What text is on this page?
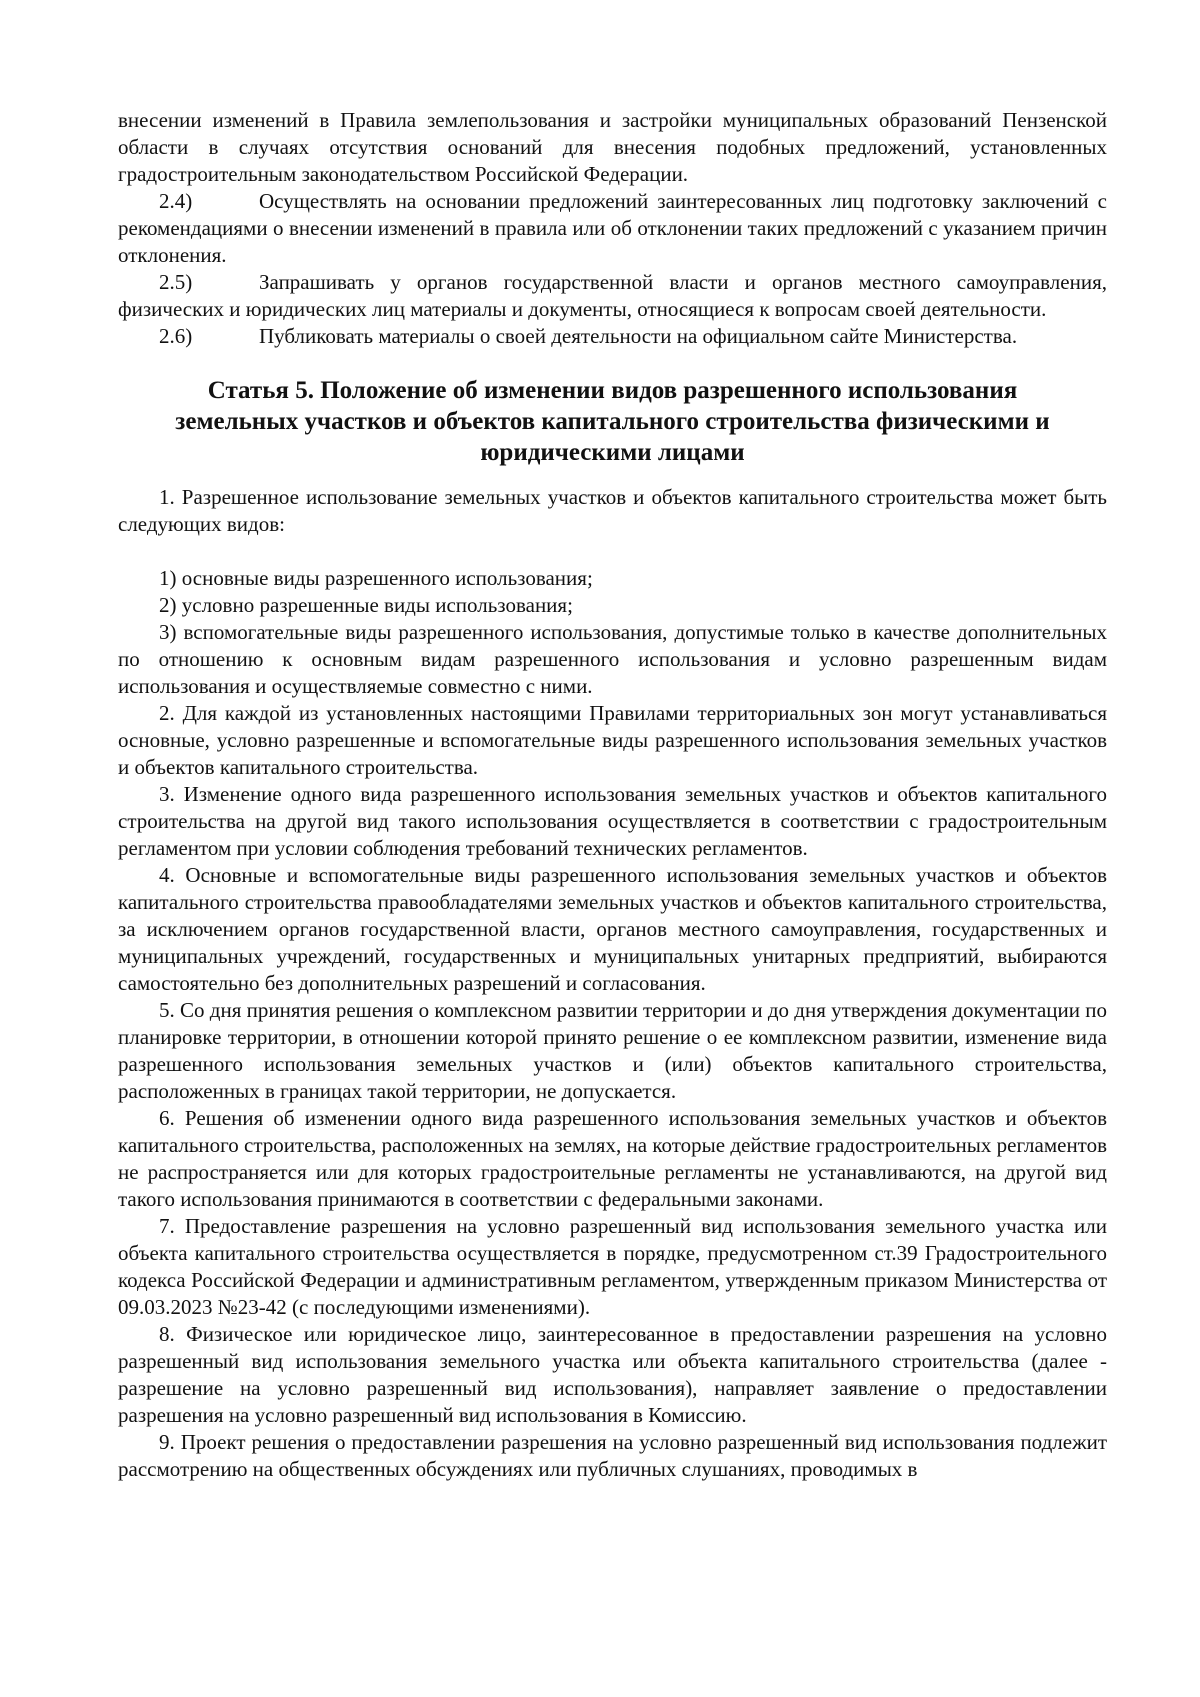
внесении изменений в Правила землепользования и застройки муниципальных образований Пензенской области в случаях отсутствия оснований для внесения подобных предложений, установленных градостроительным законодательством Российской Федерации.

2.4)	Осуществлять на основании предложений заинтересованных лиц подготовку заключений с рекомендациями о внесении изменений в правила или об отклонении таких предложений с указанием причин отклонения.

2.5)	Запрашивать у органов государственной власти и органов местного самоуправления, физических и юридических лиц материалы и документы, относящиеся к вопросам своей деятельности.

2.6)	Публиковать материалы о своей деятельности на официальном сайте Министерства.

Статья 5. Положение об изменении видов разрешенного использования
земельных участков и объектов капитального строительства физическими и
юридическими лицами

1. Разрешенное использование земельных участков и объектов капитального строительства может быть следующих видов:

1) основные виды разрешенного использования;

2) условно разрешенные виды использования;

3) вспомогательные виды разрешенного использования, допустимые только в качестве дополнительных по отношению к основным видам разрешенного использования и условно разрешенным видам использования и осуществляемые совместно с ними.

2. Для каждой из установленных настоящими Правилами территориальных зон могут устанавливаться основные, условно разрешенные и вспомогательные виды разрешенного использования земельных участков и объектов капитального строительства.

3. Изменение одного вида разрешенного использования земельных участков и объектов капитального строительства на другой вид такого использования осуществляется в соответствии с градостроительным регламентом при условии соблюдения требований технических регламентов.

4. Основные и вспомогательные виды разрешенного использования земельных участков и объектов капитального строительства правообладателями земельных участков и объектов капитального строительства, за исключением органов государственной власти, органов местного самоуправления, государственных и муниципальных учреждений, государственных и муниципальных унитарных предприятий, выбираются самостоятельно без дополнительных разрешений и согласования.

5. Со дня принятия решения о комплексном развитии территории и до дня утверждения документации по планировке территории, в отношении которой принято решение о ее комплексном развитии, изменение вида разрешенного использования земельных участков и (или) объектов капитального строительства, расположенных в границах такой территории, не допускается.

6. Решения об изменении одного вида разрешенного использования земельных участков и объектов капитального строительства, расположенных на землях, на которые действие градостроительных регламентов не распространяется или для которых градостроительные регламенты не устанавливаются, на другой вид такого использования принимаются в соответствии с федеральными законами.

7. Предоставление разрешения на условно разрешенный вид использования земельного участка или объекта капитального строительства осуществляется в порядке, предусмотренном ст.39 Градостроительного кодекса Российской Федерации и административным регламентом, утвержденным приказом Министерства от 09.03.2023 №23-42 (с последующими изменениями).

8. Физическое или юридическое лицо, заинтересованное в предоставлении разрешения на условно разрешенный вид использования земельного участка или объекта капитального строительства (далее - разрешение на условно разрешенный вид использования), направляет заявление о предоставлении разрешения на условно разрешенный вид использования в Комиссию.

9. Проект решения о предоставлении разрешения на условно разрешенный вид использования подлежит рассмотрению на общественных обсуждениях или публичных слушаниях, проводимых в
